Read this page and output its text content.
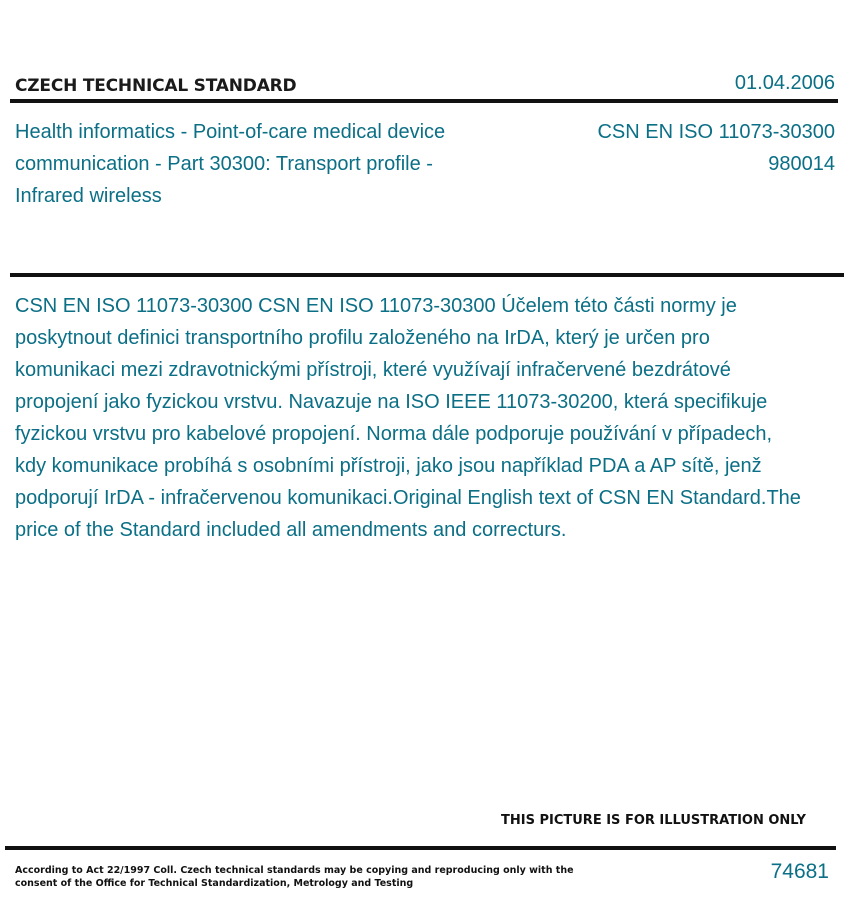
CZECH TECHNICAL STANDARD	01.04.2006
Health informatics - Point-of-care medical device communication - Part 30300: Transport profile - Infrared wireless
CSN EN ISO 11073-30300
980014
CSN EN ISO 11073-30300 CSN EN ISO 11073-30300 Účelem této části normy je poskytnout definici transportního profilu založeného na IrDA, který je určen pro komunikaci mezi zdravotnickými přístroji, které využívají infračervené bezdrátové propojení jako fyzickou vrstvu. Navazuje na ISO IEEE 11073-30200, která specifikuje fyzickou vrstvu pro kabelové propojení. Norma dále podporuje používání v případech, kdy komunikace probíhá s osobními přístroji, jako jsou například PDA a AP sítě, jenž podporují IrDA - infračervenou komunikaci.Original English text of CSN EN Standard.The price of the Standard included all amendments and correcturs.
THIS PICTURE IS FOR ILLUSTRATION ONLY
According to Act 22/1997 Coll. Czech technical standards may be copying and reproducing only with the consent of the Office for Technical Standardization, Metrology and Testing
74681
